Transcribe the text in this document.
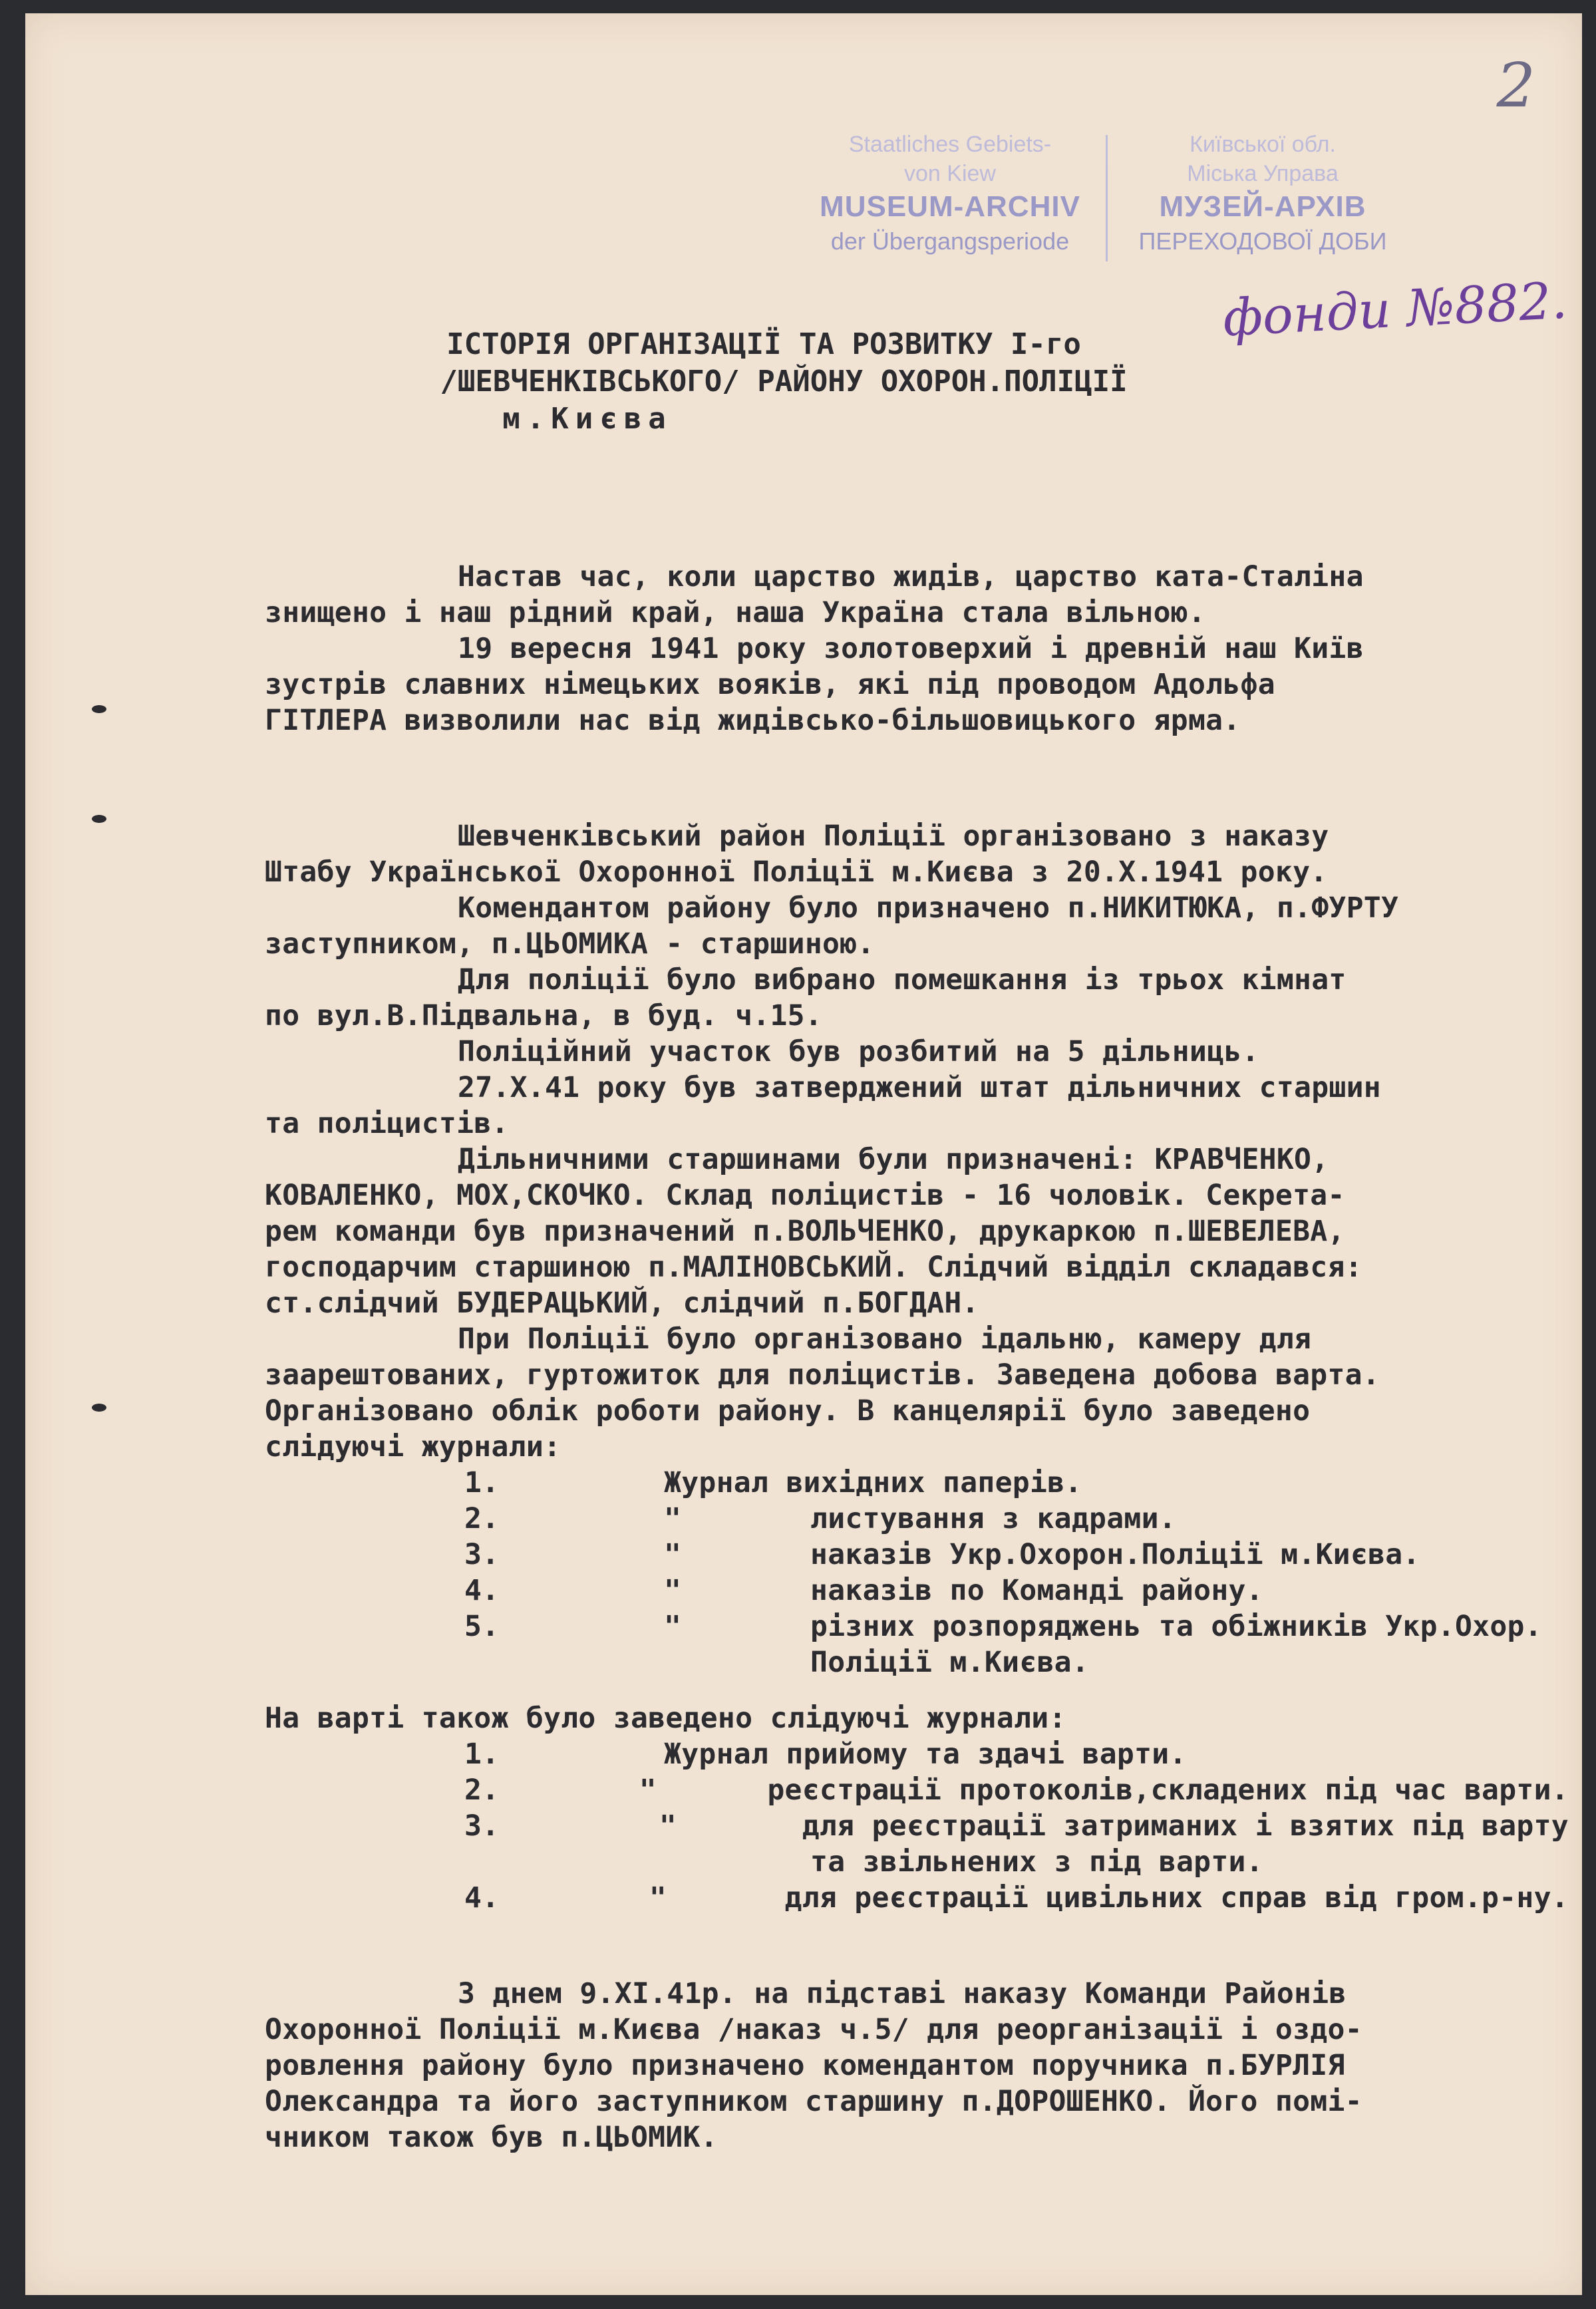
2
Staatliches Gebiets-
von Kiew
MUSEUM-ARCHIV
der Übergangsperiode
Київської обл.
Міська Управа
МУЗЕЙ-АРХІВ
ПЕРЕХОДОВОЇ ДОБИ
фонди №882.
ІСТОРІЯ ОРГАНІЗАЦІЇ ТА РОЗВИТКУ І-го
/ШЕВЧЕНКІВСЬКОГО/ РАЙОНУ ОХОРОН.ПОЛІЦІЇ
м.Києва
Настав час, коли царство жидів, царство ката-Сталіна
знищено і наш рідний край, наша Україна стала вільною.
19 вересня 1941 року золотоверхий і древній наш Київ
зустрів славних німецьких вояків, які під проводом Адольфа
ГІТЛЕРА визволили нас від жидівсько-більшовицького ярма.
Шевченківський район Поліції організовано з наказу
Штабу Української Охоронної Поліції м.Києва з 20.Х.1941 року.
Комендантом району було призначено п.НИКИТЮКА, п.ФУРТУ
заступником, п.ЦЬОМИКА - старшиною.
Для поліції було вибрано помешкання із трьох кімнат
по вул.В.Підвальна, в буд. ч.15.
Поліційний участок був розбитий на 5 дільниць.
27.Х.41 року був затверджений штат дільничних старшин
та поліцистів.
Дільничними старшинами були призначені: КРАВЧЕНКО,
КОВАЛЕНКО, МОХ,СКОЧКО. Склад поліцистів - 16 чоловік. Секрета-
рем команди був призначений п.ВОЛЬЧЕНКО, друкаркою п.ШЕВЕЛЕВА,
господарчим старшиною п.МАЛІНОВСЬКИЙ. Слідчий відділ складався:
ст.слідчий БУДЕРАЦЬКИЙ, слідчий п.БОГДАН.
При Поліції було організовано ідальню, камеру для
заарештованих, гуртожиток для поліцистів. Заведена добова варта.
Організовано облік роботи району. В канцелярії було заведено
слідуючі журнали:
1.	Журнал вихідних паперів.
2.	"	листування з кадрами.
3.	"	наказів Укр.Охорон.Поліції м.Києва.
4.	"	наказів по Команді району.
5.	"	різних розпоряджень та обіжників Укр.Охор.
Поліції м.Києва.
На варті також було заведено слідуючі журнали:
1.	Журнал прийому та здачі варти.
2.	"	реєстрації протоколів,складених під час варти.
3.	"	для реєстрації затриманих і взятих під варту
та звільнених з під варти.
4.	"	для реєстрації цивільних справ від гром.р-ну.
З днем 9.ХІ.41р. на підставі наказу Команди Районів
Охоронної Поліції м.Києва /наказ ч.5/ для реорганізації і оздо-
ровлення району було призначено комендантом поручника п.БУРЛІЯ
Олександра та його заступником старшину п.ДОРОШЕНКО. Його помі-
чником також був п.ЦЬОМИК.
